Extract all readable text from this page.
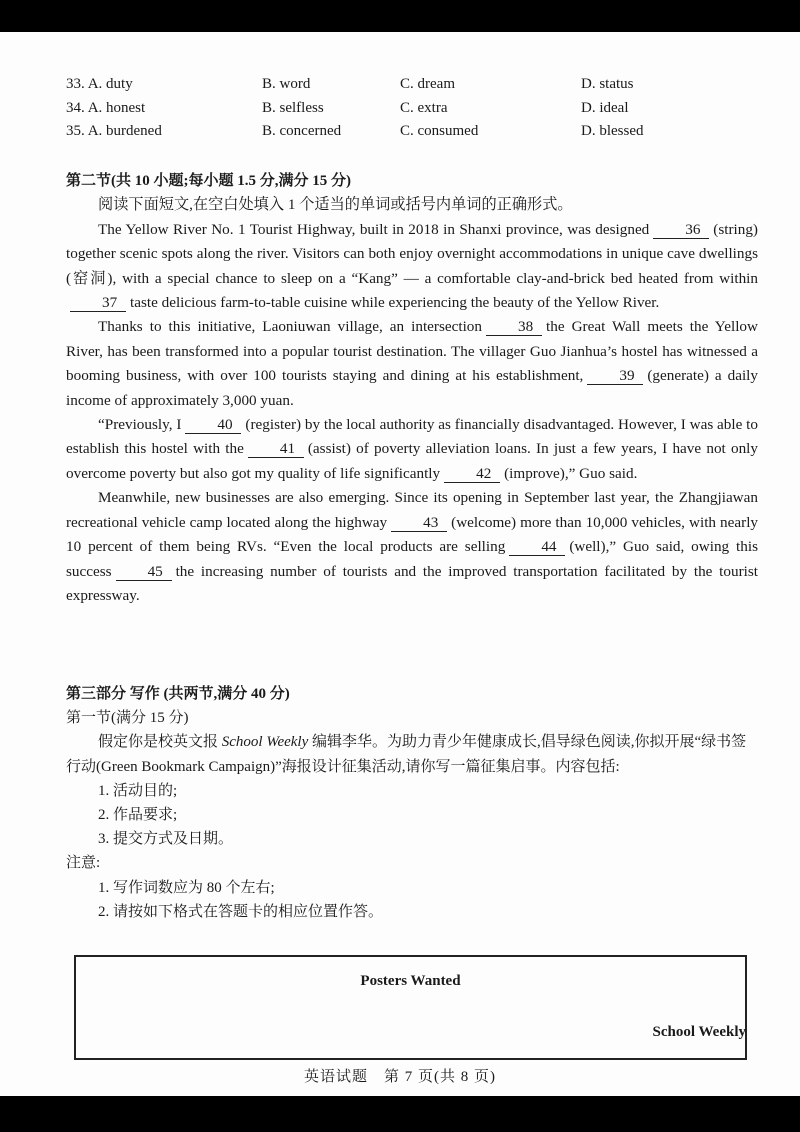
33. A. duty	B. word	C. dream	D. status
34. A. honest	B. selfless	C. extra	D. ideal
35. A. burdened	B. concerned	C. consumed	D. blessed

第二节(共 10 小题;每小题 1.5 分,满分 15 分)

阅读下面短文,在空白处填入 1 个适当的单词或括号内单词的正确形式。

The Yellow River No. 1 Tourist Highway, built in 2018 in Shanxi province, was designed 36 (string) together scenic spots along the river. Visitors can both enjoy overnight accommodations in unique cave dwellings (窑洞), with a special chance to sleep on a “Kang” — a comfortable clay-and-brick bed heated from within37 taste delicious farm-to-table cuisine while experiencing the beauty of the Yellow River.

Thanks to this initiative, Laoniuwan village, an intersection 38 the Great Wall meets the Yellow River, has been transformed into a popular tourist destination. The villager Guo Jianhua’s hostel has witnessed a booming business, with over 100 tourists staying and dining at his establishment, 39 (generate) a daily income of approximately 3,000 yuan.

“Previously, I 40 (register) by the local authority as financially disadvantaged. However, I was able to establish this hostel with the 41 (assist) of poverty alleviation loans. In just a few years, I have not only overcome poverty but also got my quality of life significantly 42 (improve),” Guo said.

Meanwhile, new businesses are also emerging. Since its opening in September last year, the Zhangjiawan recreational vehicle camp located along the highway 43 (welcome) more than 10,000 vehicles, with nearly 10 percent of them being RVs. “Even the local products are selling 44 (well),” Guo said, owing this success 45 the increasing number of tourists and the improved transportation facilitated by the tourist expressway.

第三部分 写作 (共两节,满分 40 分)

第一节(满分 15 分)

假定你是校英文报 School Weekly 编辑李华。为助力青少年健康成长,倡导绿色阅读,你拟开展“绿书签行动(Green Bookmark Campaign)”海报设计征集活动,请你写一篇征集启事。内容包括:

1. 活动目的;

2. 作品要求;

3. 提交方式及日期。

注意:

1. 写作词数应为 80 个左右;

2. 请按如下格式在答题卡的相应位置作答。

Posters Wanted
School Weekly
英语试题　第 7 页(共 8 页)
